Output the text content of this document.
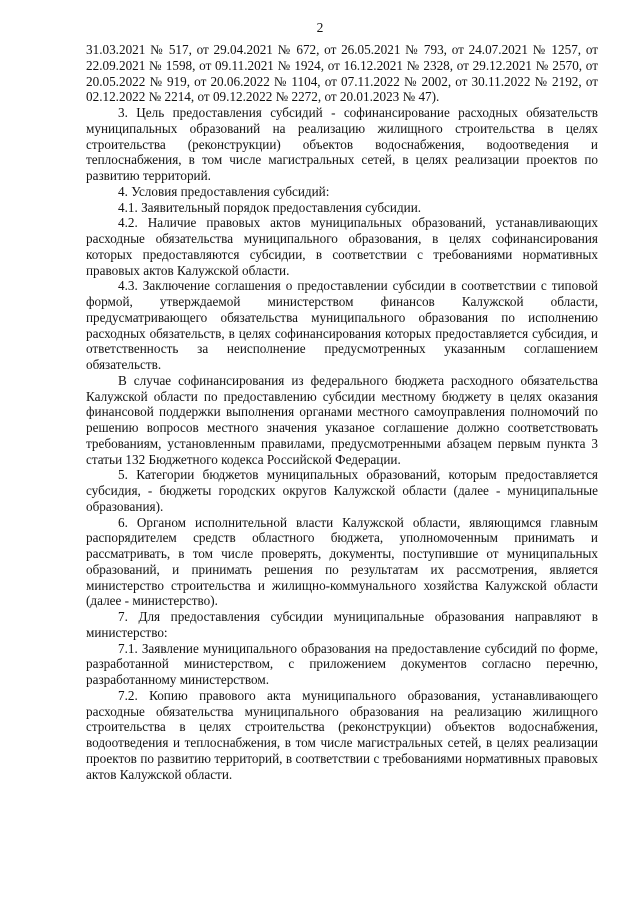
2

31.03.2021 № 517, от 29.04.2021 № 672, от 26.05.2021 № 793, от 24.07.2021 № 1257, от 22.09.2021 № 1598, от 09.11.2021 № 1924, от 16.12.2021 № 2328, от 29.12.2021 № 2570, от 20.05.2022 № 919, от 20.06.2022 № 1104, от 07.11.2022 № 2002, от 30.11.2022 № 2192, от 02.12.2022 № 2214, от 09.12.2022 № 2272, от 20.01.2023 № 47).

3. Цель предоставления субсидий - софинансирование расходных обязательств муниципальных образований на реализацию жилищного строительства в целях строительства (реконструкции) объектов водоснабжения, водоотведения и теплоснабжения, в том числе магистральных сетей, в целях реализации проектов по развитию территорий.

4. Условия предоставления субсидий:

4.1. Заявительный порядок предоставления субсидии.

4.2. Наличие правовых актов муниципальных образований, устанавливающих расходные обязательства муниципального образования, в целях софинансирования которых предоставляются субсидии, в соответствии с требованиями нормативных правовых актов Калужской области.

4.3. Заключение соглашения о предоставлении субсидии в соответствии с типовой формой, утверждаемой министерством финансов Калужской области, предусматривающего обязательства муниципального образования по исполнению расходных обязательств, в целях софинансирования которых предоставляется субсидия, и ответственность за неисполнение предусмотренных указанным соглашением обязательств.

В случае софинансирования из федерального бюджета расходного обязательства Калужской области по предоставлению субсидии местному бюджету в целях оказания финансовой поддержки выполнения органами местного самоуправления полномочий по решению вопросов местного значения указаное соглашение должно соответствовать требованиям, установленным правилами, предусмотренными абзацем первым пункта 3 статьи 132 Бюджетного кодекса Российской Федерации.

5. Категории бюджетов муниципальных образований, которым предоставляется субсидия, - бюджеты городских округов Калужской области (далее - муниципальные образования).

6. Органом исполнительной власти Калужской области, являющимся главным распорядителем средств областного бюджета, уполномоченным принимать и рассматривать, в том числе проверять, документы, поступившие от муниципальных образований, и принимать решения по результатам их рассмотрения, является министерство строительства и жилищно-коммунального хозяйства Калужской области (далее - министерство).

7. Для предоставления субсидии муниципальные образования направляют в министерство:

7.1. Заявление муниципального образования на предоставление субсидий по форме, разработанной министерством, с приложением документов согласно перечню, разработанному министерством.

7.2. Копию правового акта муниципального образования, устанавливающего расходные обязательства муниципального образования на реализацию жилищного строительства в целях строительства (реконструкции) объектов водоснабжения, водоотведения и теплоснабжения, в том числе магистральных сетей, в целях реализации проектов по развитию территорий, в соответствии с требованиями нормативных правовых актов Калужской области.
